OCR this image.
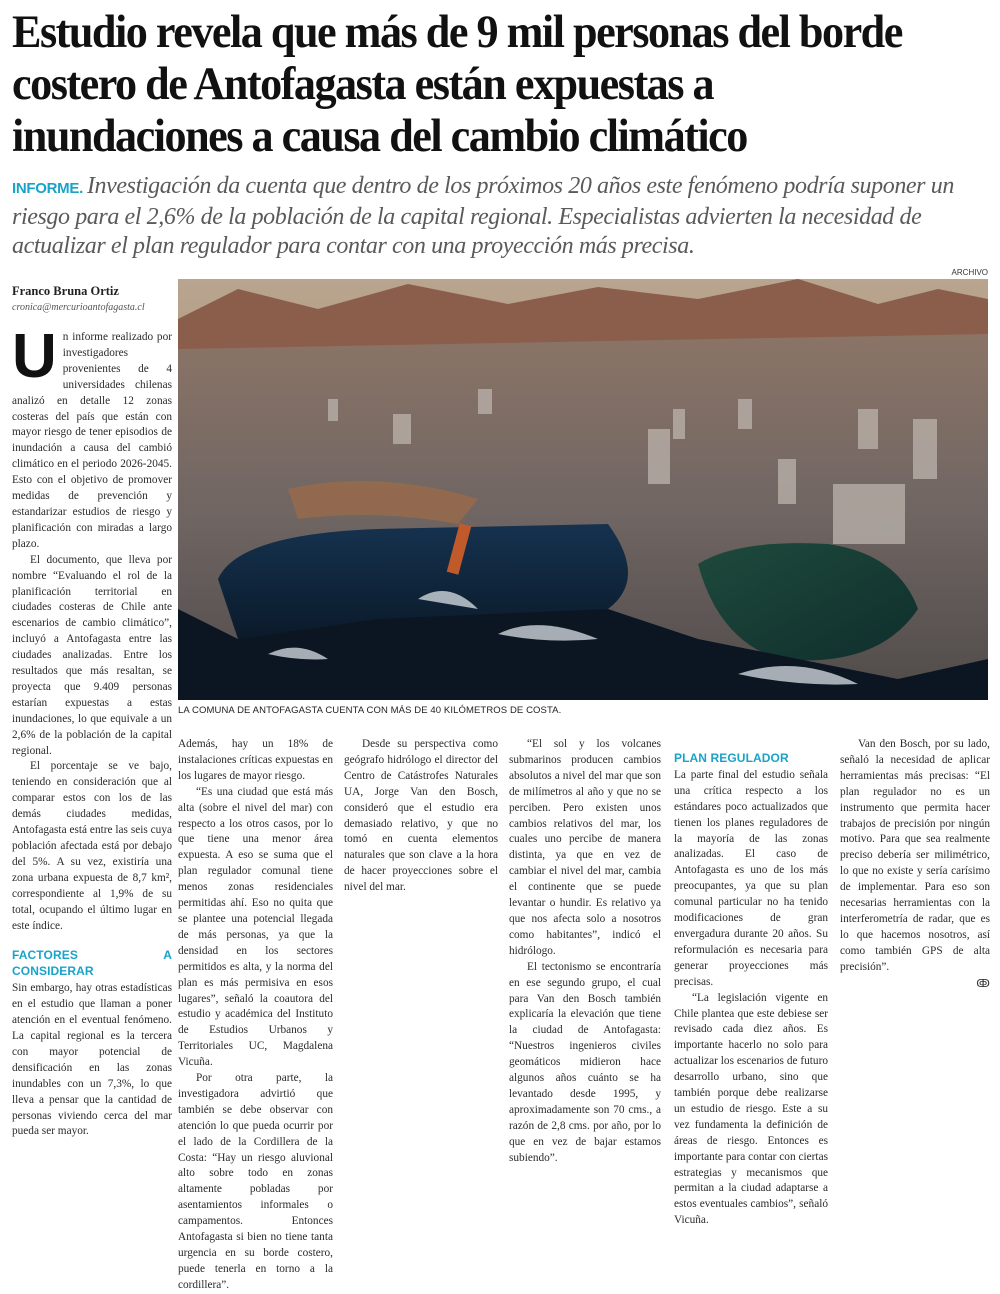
Estudio revela que más de 9 mil personas del borde costero de Antofagasta están expuestas a inundaciones a causa del cambio climático

INFORME. Investigación da cuenta que dentro de los próximos 20 años este fenómeno podría suponer un riesgo para el 2,6% de la población de la capital regional. Especialistas advierten la necesidad de actualizar el plan regulador para contar con una proyección más precisa.

Franco Bruna Ortiz
cronica@mercurioantofagasta.cl
ARCHIVO
LA COMUNA DE ANTOFAGASTA CUENTA CON MÁS DE 40 KILÓMETROS DE COSTA.

Un informe realizado por investigadores provenientes de 4 universidades chilenas analizó en detalle 12 zonas costeras del país que están con mayor riesgo de tener episodios de inundación a causa del cambió climático en el periodo 2026-2045. Esto con el objetivo de promover medidas de prevención y estandarizar estudios de riesgo y planificación con miradas a largo plazo.

El documento, que lleva por nombre “Evaluando el rol de la planificación territorial en ciudades costeras de Chile ante escenarios de cambio climático”, incluyó a Antofagasta entre las ciudades analizadas. Entre los resultados que más resaltan, se proyecta que 9.409 personas estarían expuestas a estas inundaciones, lo que equivale a un 2,6% de la población de la capital regional.

El porcentaje se ve bajo, teniendo en consideración que al comparar estos con los de las demás ciudades medidas, Antofagasta está entre las seis cuya población afectada está por debajo del 5%. A su vez, existiría una zona urbana expuesta de 8,7 km², correspondiente al 1,9% de su total, ocupando el último lugar en este índice.

FACTORES A CONSIDERAR

Sin embargo, hay otras estadísticas en el estudio que llaman a poner atención en el eventual fenómeno. La capital regional es la tercera con mayor potencial de densificación en las zonas inundables con un 7,3%, lo que lleva a pensar que la cantidad de personas viviendo cerca del mar pueda ser mayor.

Además, hay un 18% de instalaciones críticas expuestas en los lugares de mayor riesgo.

“Es una ciudad que está más alta (sobre el nivel del mar) con respecto a los otros casos, por lo que tiene una menor área expuesta. A eso se suma que el plan regulador comunal tiene menos zonas residenciales permitidas ahí. Eso no quita que se plantee una potencial llegada de más personas, ya que la densidad en los sectores permitidos es alta, y la norma del plan es más permisiva en esos lugares”, señaló la coautora del estudio y académica del Instituto de Estudios Urbanos y Territoriales UC, Magdalena Vicuña.

Por otra parte, la investigadora advirtió que también se debe observar con atención lo que pueda ocurrir por el lado de la Cordillera de la Costa: “Hay un riesgo aluvional alto sobre todo en zonas altamente pobladas por asentamientos informales o campamentos. Entonces Antofagasta si bien no tiene tanta urgencia en su borde costero, puede tenerla en torno a la cordillera”.

Desde su perspectiva como geógrafo hidrólogo el director del Centro de Catástrofes Naturales UA, Jorge Van den Bosch, consideró que el estudio era demasiado relativo, y que no tomó en cuenta elementos naturales que son clave a la hora de hacer proyecciones sobre el nivel del mar.

“El sol y los volcanes submarinos producen cambios absolutos a nivel del mar que son de milímetros al año y que no se perciben. Pero existen unos cambios relativos del mar, los cuales uno percibe de manera distinta, ya que en vez de cambiar el nivel del mar, cambia el continente que se puede levantar o hundir. Es relativo ya que nos afecta solo a nosotros como habitantes”, indicó el hidrólogo.

El tectonismo se encontraría en ese segundo grupo, el cual para Van den Bosch también explicaría la elevación que tiene la ciudad de Antofagasta: “Nuestros ingenieros civiles geomáticos midieron hace algunos años cuánto se ha levantado desde 1995, y aproximadamente son 70 cms., a razón de 2,8 cms. por año, por lo que en vez de bajar estamos subiendo”.

PLAN REGULADOR

La parte final del estudio señala una crítica respecto a los estándares poco actualizados que tienen los planes reguladores de la mayoría de las zonas analizadas. El caso de Antofagasta es uno de los más preocupantes, ya que su plan comunal particular no ha tenido modificaciones de gran envergadura durante 20 años. Su reformulación es necesaria para generar proyecciones más precisas.

“La legislación vigente en Chile plantea que este debiese ser revisado cada diez años. Es importante hacerlo no solo para actualizar los escenarios de futuro desarrollo urbano, sino que también porque debe realizarse un estudio de riesgo. Este a su vez fundamenta la definición de áreas de riesgo. Entonces es importante para contar con ciertas estrategias y mecanismos que permitan a la ciudad adaptarse a estos eventuales cambios”, señaló Vicuña.

Van den Bosch, por su lado, señaló la necesidad de aplicar herramientas más precisas: “El plan regulador no es un instrumento que permita hacer trabajos de precisión por ningún motivo. Para que sea realmente preciso debería ser milimétrico, lo que no existe y sería carísimo de implementar. Para eso son necesarias herramientas con la interferometría de radar, que es lo que hacemos nosotros, así como también GPS de alta precisión”.

ↂ
